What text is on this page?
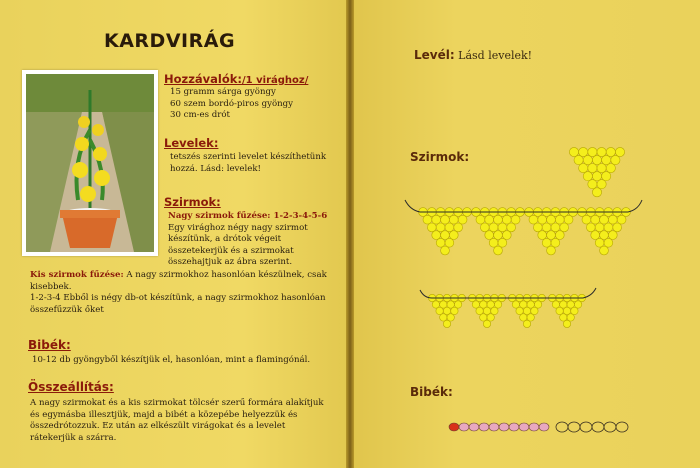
KARDVIRÁG
Hozzávalók:/1 virághoz/
15 gramm sárga gyöngy
60 szem bordó-piros gyöngy
30 cm-es drót
Levelek:
tetszés szerinti levelet készíthetünk
hozzá. Lásd: levelek!
Szirmok:
Nagy szirmok fűzése: 1-2-3-4-5-6
Egy virághoz négy nagy szirmot
készítünk, a drótok végeit
összetekerjük és a szirmokat
összehajtjuk az ábra szerint.
Kis szirmok fűzése: A nagy szirmokhoz hasonlóan készülnek, csak
kisebbek.
1-2-3-4 Ebből is négy db-ot készítünk, a nagy szirmokhoz hasonlóan
összefűzzük őket
Bibék:
10-12 db gyöngyből készítjük el, hasonlóan, mint a flamingónál.
Összeállítás:
A nagy szirmokat és a kis szirmokat tölcsér szerű formára alakítjuk
és egymásba illesztjük, majd a bibét a közepébe helyezzük és
összedrótozzuk. Ez után az elkészült virágokat és a levelet
rátekerjük a szárra.
Levél: Lásd levelek!
Szirmok:
Bibék:
